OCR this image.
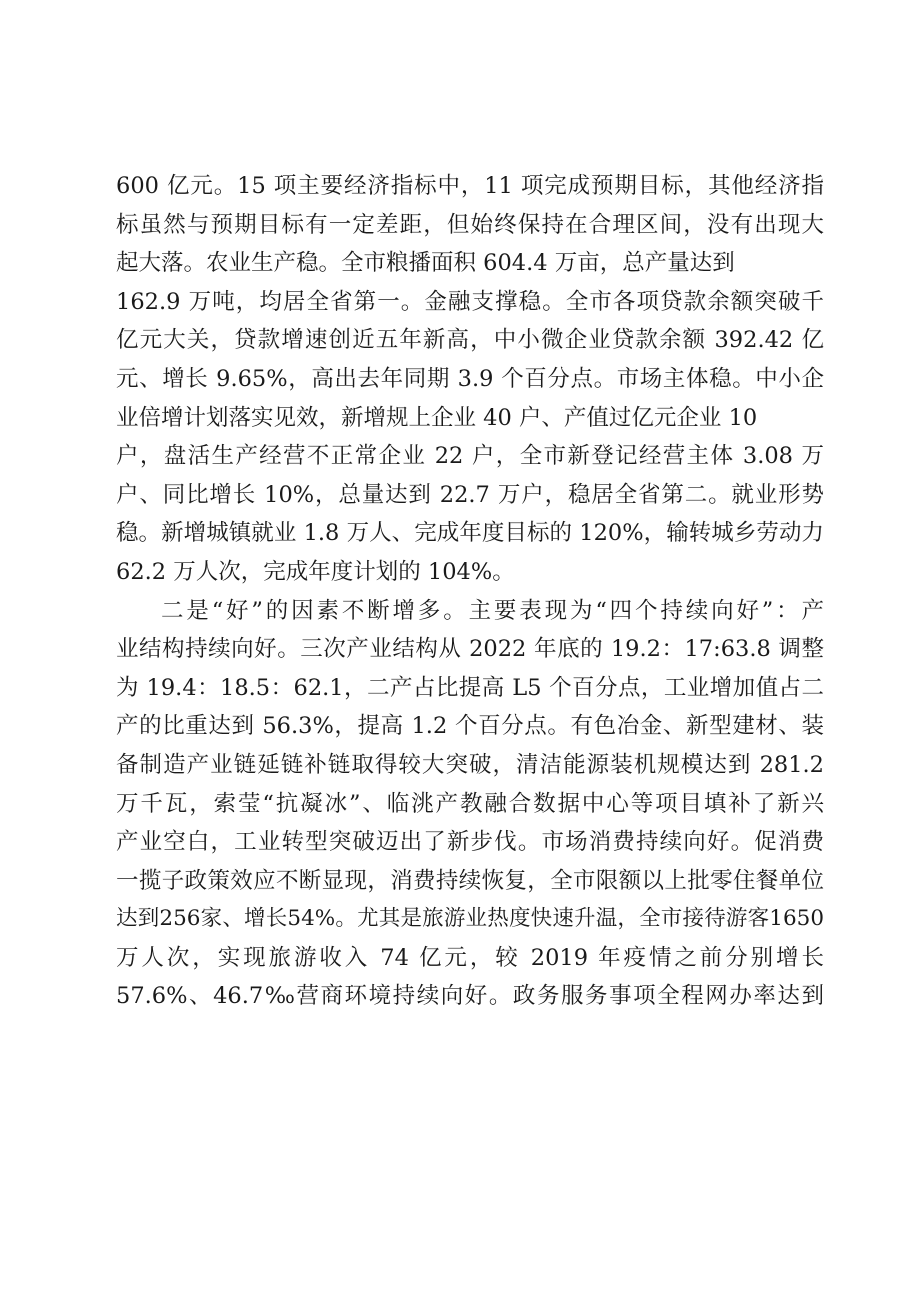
600 亿元。15 项主要经济指标中，11 项完成预期目标，其他经济指
标虽然与预期目标有一定差距，但始终保持在合理区间，没有出现大
起大落。农业生产稳。全市粮播面积 604.4 万亩，总产量达到
162.9 万吨，均居全省第一。金融支撑稳。全市各项贷款余额突破千
亿元大关，贷款增速创近五年新高，中小微企业贷款余额 392.42 亿
元、增长 9.65%，高出去年同期 3.9 个百分点。市场主体稳。中小企
业倍增计划落实见效，新增规上企业 40 户、产值过亿元企业 10
户，盘活生产经营不正常企业 22 户，全市新登记经营主体 3.08 万
户、同比增长 10%，总量达到 22.7 万户，稳居全省第二。就业形势
稳。新增城镇就业 1.8 万人、完成年度目标的 120%，输转城乡劳动力
62.2 万人次，完成年度计划的 104%。
二是“好”的因素不断增多。主要表现为“四个持续向好”：产
业结构持续向好。三次产业结构从 2022 年底的 19.2：17:63.8 调整
为 19.4：18.5：62.1，二产占比提高 L5 个百分点，工业增加值占二
产的比重达到 56.3%，提高 1.2 个百分点。有色冶金、新型建材、装
备制造产业链延链补链取得较大突破，清洁能源装机规模达到 281.2
万千瓦，索莹“抗凝冰”、临洮产教融合数据中心等项目填补了新兴
产业空白，工业转型突破迈出了新步伐。市场消费持续向好。促消费
一揽子政策效应不断显现，消费持续恢复，全市限额以上批零住餐单位
达到256家、增长54%。尤其是旅游业热度快速升温，全市接待游客1650
万人次，实现旅游收入 74 亿元，较 2019 年疫情之前分别增长
57.6%、46.7‰营商环境持续向好。政务服务事项全程网办率达到
